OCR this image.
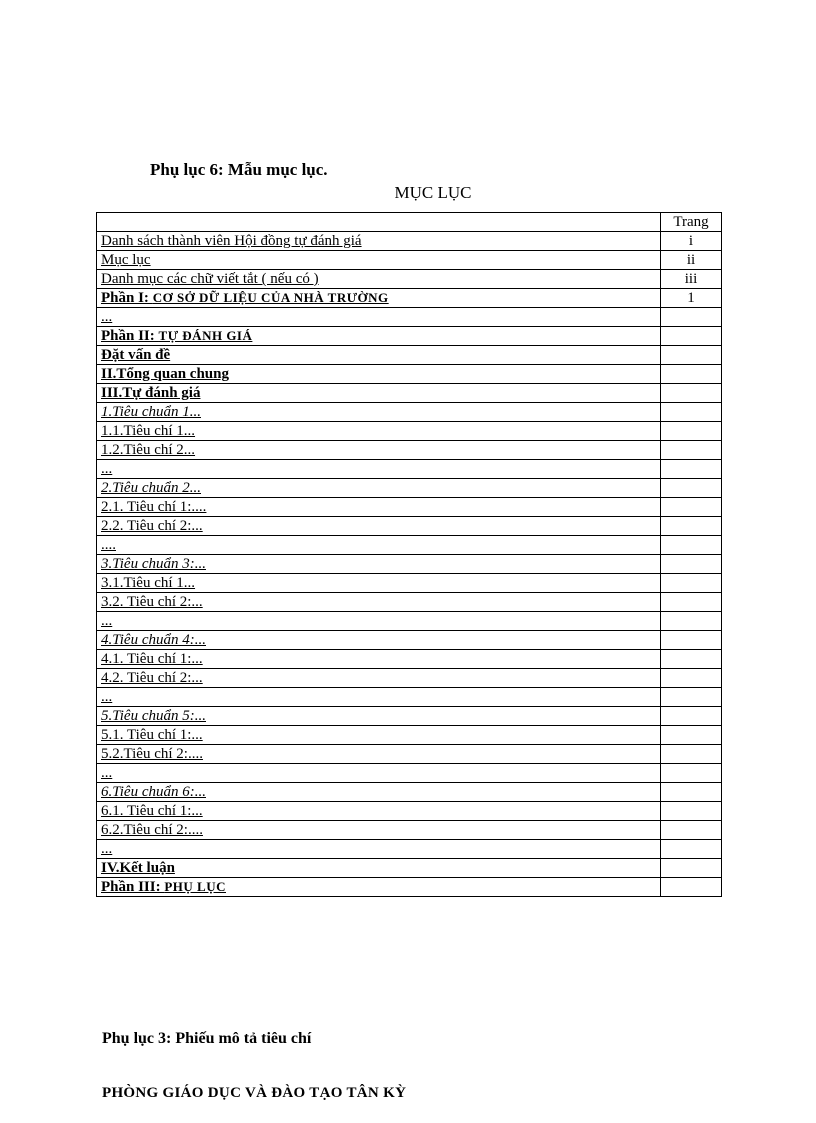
Phụ lục 6: Mẫu mục lục.
MỤC LỤC
	Trang
Danh sách thành viên Hội đồng tự đánh giá	i
Mục lục	ii
Danh mục các chữ viết tắt ( nếu có )	iii
Phần I: CƠ SỞ DỮ LIỆU CỦA NHÀ TRƯỜNG	1
...	
Phần II: TỰ ĐÁNH GIÁ	
Đặt vấn đề	
II.Tổng quan chung	
III.Tự đánh giá	
1.Tiêu chuẩn 1...	
1.1.Tiêu chí 1...	
1.2.Tiêu chí 2...	
...	
2.Tiêu chuẩn 2...	
2.1. Tiêu chí 1:....	
2.2. Tiêu chí 2:...	
....	
3.Tiêu chuẩn 3:...	
3.1.Tiêu chí 1...	
3.2. Tiêu chí 2:...	
...	
4.Tiêu chuẩn 4:...	
4.1. Tiêu chí 1:...	
4.2. Tiêu chí 2:...	
...	
5.Tiêu chuẩn 5:...	
5.1. Tiêu chí 1:...	
5.2.Tiêu chí 2:....	
...	
6.Tiêu chuẩn 6:...	
6.1. Tiêu chí 1:...	
6.2.Tiêu chí 2:....	
...	
IV.Kết luận	
Phần III: PHỤ LỤC	
Phụ lục 3: Phiếu mô tả tiêu chí
PHÒNG GIÁO DỤC VÀ ĐÀO TẠO TÂN KỲ
